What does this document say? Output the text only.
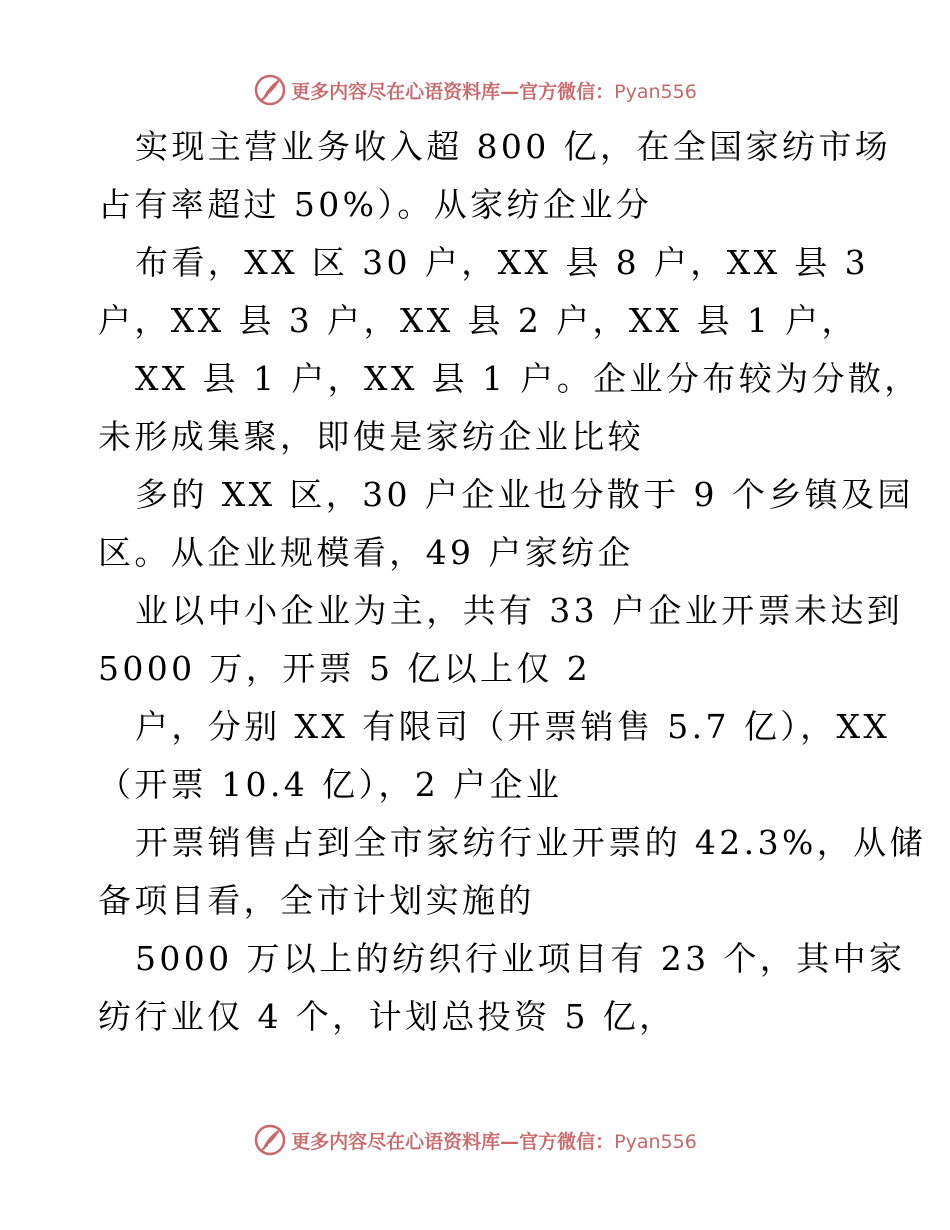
更多内容尽在心语资料库—官方微信：Pyan556
实现主营业务收入超 800 亿，在全国家纺市场
占有率超过 50%）。从家纺企业分
布看，XX 区 30 户，XX 县 8 户，XX 县 3
户，XX 县 3 户，XX 县 2 户，XX 县 1 户，
XX 县 1 户，XX 县 1 户。企业分布较为分散，
未形成集聚，即使是家纺企业比较
多的 XX 区，30 户企业也分散于 9 个乡镇及园
区。从企业规模看，49 户家纺企
业以中小企业为主，共有 33 户企业开票未达到
5000 万，开票 5 亿以上仅 2
户，分别 XX 有限司（开票销售 5.7 亿），XX
（开票 10.4 亿），2 户企业
开票销售占到全市家纺行业开票的 42.3%，从储
备项目看，全市计划实施的
5000 万以上的纺织行业项目有 23 个，其中家
纺行业仅 4 个，计划总投资 5 亿，
更多内容尽在心语资料库—官方微信：Pyan556
